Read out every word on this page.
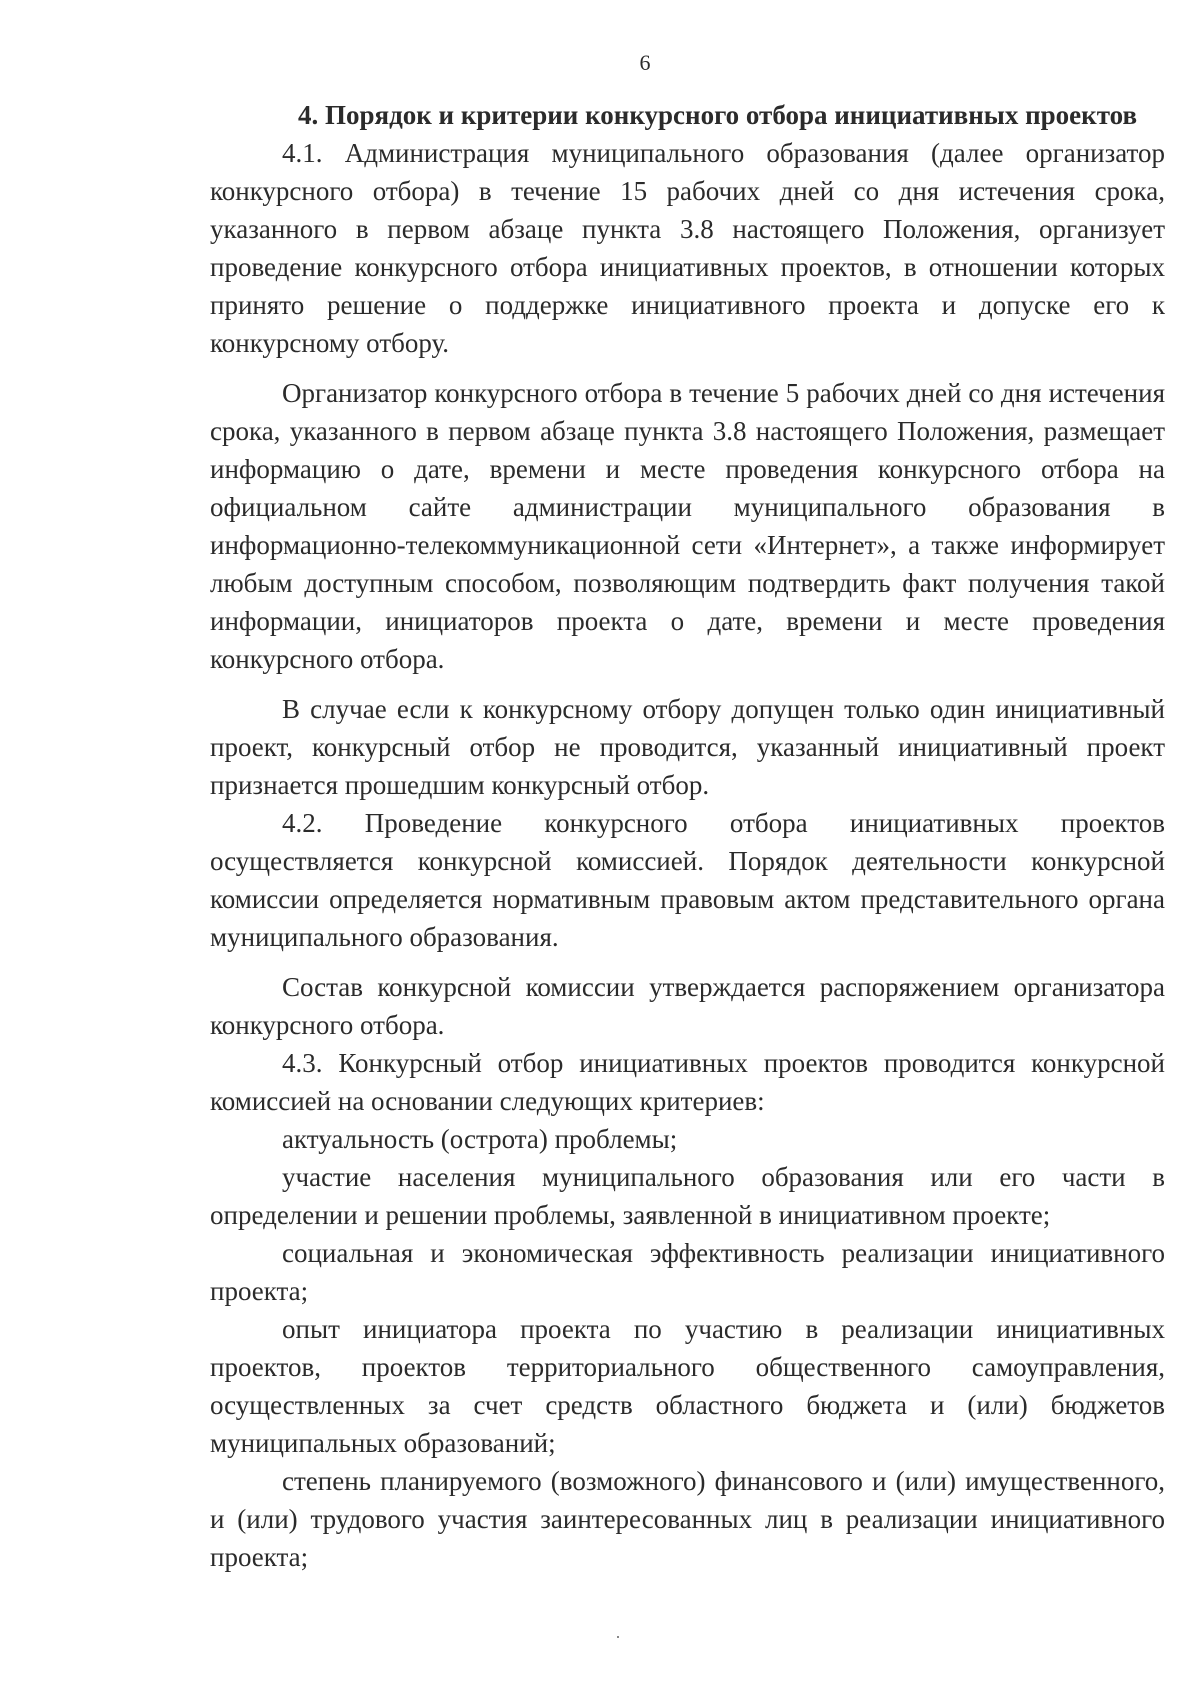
6
4. Порядок и критерии конкурсного отбора инициативных проектов

4.1. Администрация муниципального образования (далее организатор конкурсного отбора) в течение 15 рабочих дней со дня истечения срока, указанного в первом абзаце пункта 3.8 настоящего Положения, организует проведение конкурсного отбора инициативных проектов, в отношении которых принято решение о поддержке инициативного проекта и допуске его к конкурсному отбору.

Организатор конкурсного отбора в течение 5 рабочих дней со дня истечения срока, указанного в первом абзаце пункта 3.8 настоящего Положения, размещает информацию о дате, времени и месте проведения конкурсного отбора на официальном сайте администрации муниципального образования в информационно-телекоммуникационной сети «Интернет», а также информирует любым доступным способом, позволяющим подтвердить факт получения такой информации, инициаторов проекта о дате, времени и месте проведения конкурсного отбора.

В случае если к конкурсному отбору допущен только один инициативный проект, конкурсный отбор не проводится, указанный инициативный проект признается прошедшим конкурсный отбор.

4.2. Проведение конкурсного отбора инициативных проектов осуществляется конкурсной комиссией. Порядок деятельности конкурсной комиссии определяется нормативным правовым актом представительного органа муниципального образования.

Состав конкурсной комиссии утверждается распоряжением организатора конкурсного отбора.

4.3. Конкурсный отбор инициативных проектов проводится конкурсной комиссией на основании следующих критериев:

актуальность (острота) проблемы;

участие населения муниципального образования или его части в определении и решении проблемы, заявленной в инициативном проекте;

социальная и экономическая эффективность реализации инициативного проекта;

опыт инициатора проекта по участию в реализации инициативных проектов, проектов территориального общественного самоуправления, осуществленных за счет средств областного бюджета и (или) бюджетов муниципальных образований;

степень планируемого (возможного) финансового и (или) имущественного, и (или) трудового участия заинтересованных лиц в реализации инициативного проекта;
